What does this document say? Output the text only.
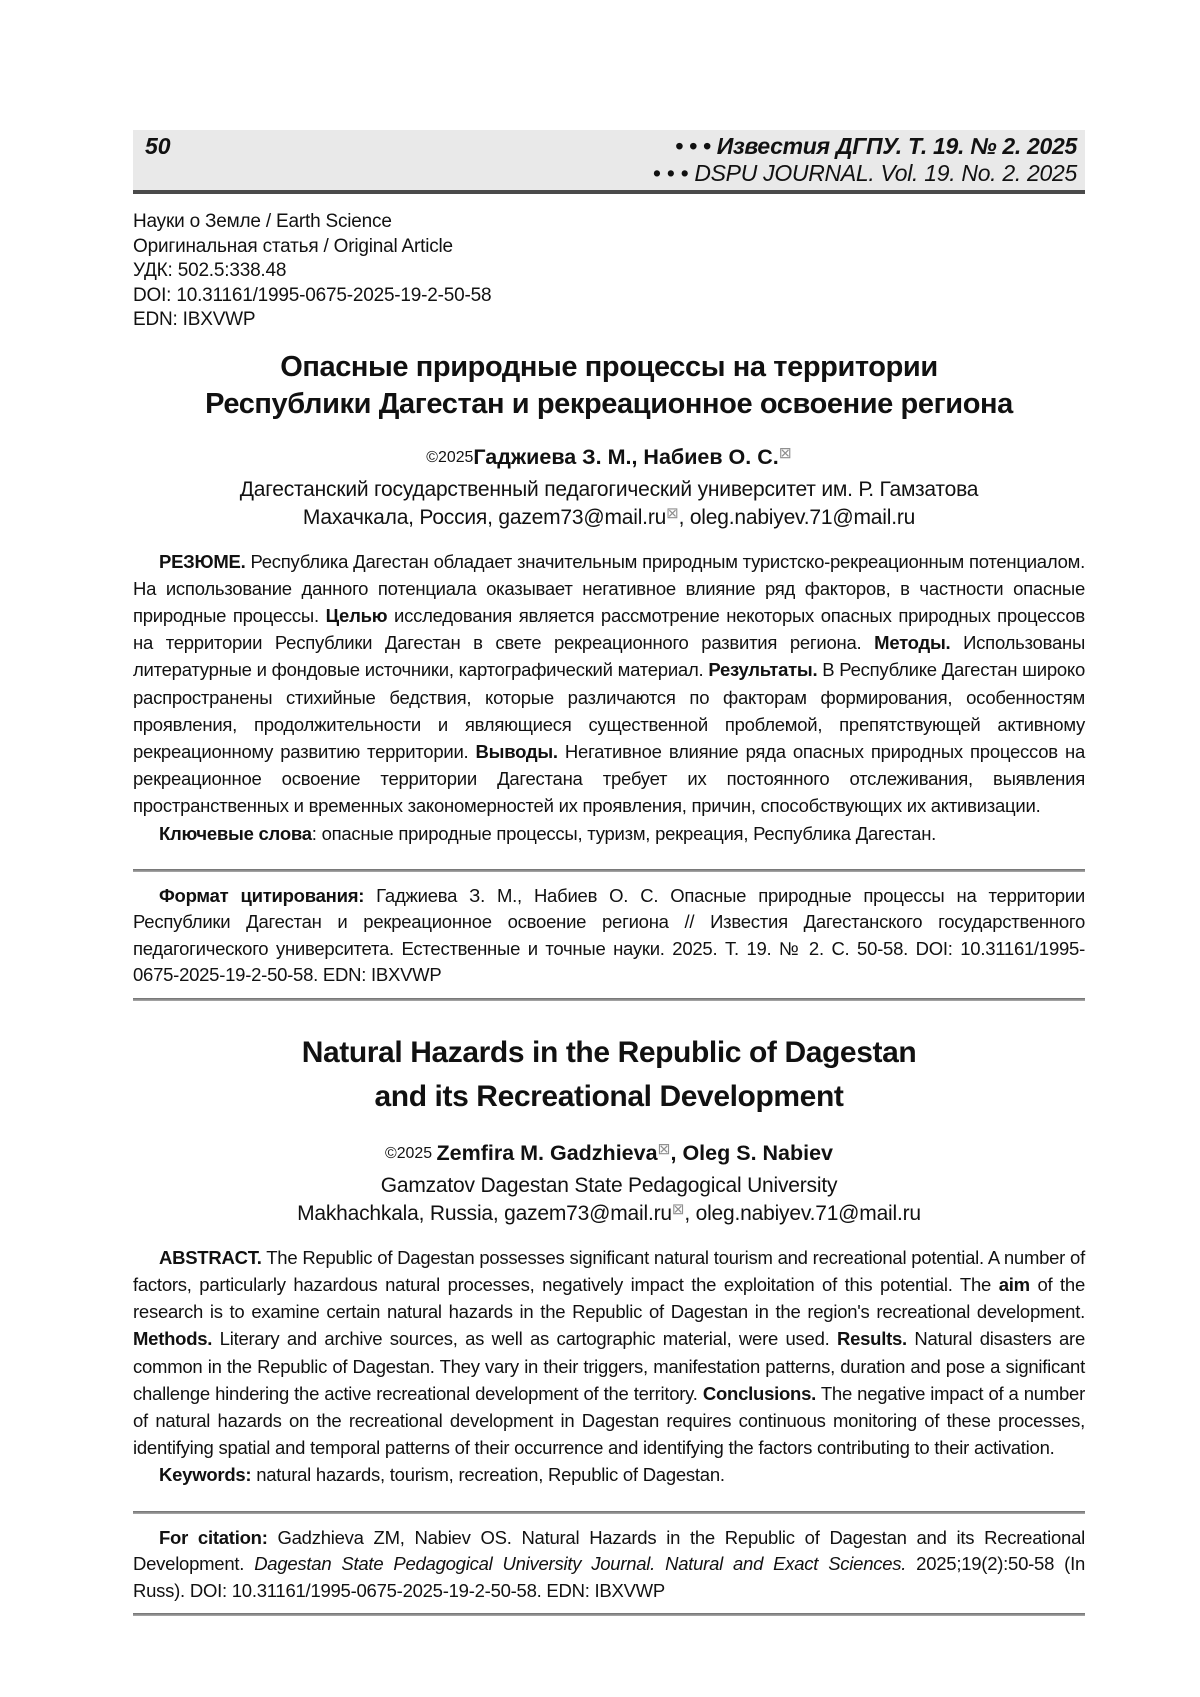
50	• • • Известия ДГПУ. Т. 19. № 2. 2025
• • • DSPU JOURNAL. Vol. 19. No. 2. 2025
Науки о Земле / Earth Science
Оригинальная статья / Original Article
УДК: 502.5:338.48
DOI: 10.31161/1995-0675-2025-19-2-50-58
EDN: IBXVWP
Опасные природные процессы на территории
Республики Дагестан и рекреационное освоение региона
©2025Гаджиева З. М., Набиев О. С.⊠
Дагестанский государственный педагогический университет им. Р. Гамзатова
Махачкала, Россия, gazem73@mail.ru⊠, oleg.nabiyev.71@mail.ru

РЕЗЮМЕ. Республика Дагестан обладает значительным природным туристско-рекреационным потенциалом. На использование данного потенциала оказывает негативное влияние ряд факторов, в частности опасные природные процессы. Целью исследования является рассмотрение некоторых опасных природных процессов на территории Республики Дагестан в свете рекреационного развития региона. Методы. Использованы литературные и фондовые источники, картографический материал. Результаты. В Республике Дагестан широко распространены стихийные бедствия, которые различаются по факторам формирования, особенностям проявления, продолжительности и являющиеся существенной проблемой, препятствующей активному рекреационному развитию территории. Выводы. Негативное влияние ряда опасных природных процессов на рекреационное освоение территории Дагестана требует их постоянного отслеживания, выявления пространственных и временных закономерностей их проявления, причин, способствующих их активизации.

Ключевые слова: опасные природные процессы, туризм, рекреация, Республика Дагестан.

Формат цитирования: Гаджиева З. М., Набиев О. С. Опасные природные процессы на территории Республики Дагестан и рекреационное освоение региона // Известия Дагестанского государственного педагогического университета. Естественные и точные науки. 2025. Т. 19. № 2. С. 50-58. DOI: 10.31161/1995-0675-2025-19-2-50-58. EDN: IBXVWP

Natural Hazards in the Republic of Dagestan
and its Recreational Development
©2025 Zemfira M. Gadzhieva⊠, Oleg S. Nabiev
Gamzatov Dagestan State Pedagogical University
Makhachkala, Russia, gazem73@mail.ru⊠, oleg.nabiyev.71@mail.ru

ABSTRACT. The Republic of Dagestan possesses significant natural tourism and recreational potential. A number of factors, particularly hazardous natural processes, negatively impact the exploitation of this potential. The aim of the research is to examine certain natural hazards in the Republic of Dagestan in the region's recreational development. Methods. Literary and archive sources, as well as cartographic material, were used. Results. Natural disasters are common in the Republic of Dagestan. They vary in their triggers, manifestation patterns, duration and pose a significant challenge hindering the active recreational development of the territory. Conclusions. The negative impact of a number of natural hazards on the recreational development in Dagestan requires continuous monitoring of these processes, identifying spatial and temporal patterns of their occurrence and identifying the factors contributing to their activation.

Keywords: natural hazards, tourism, recreation, Republic of Dagestan.

For citation: Gadzhieva ZM, Nabiev OS. Natural Hazards in the Republic of Dagestan and its Recreational Development. Dagestan State Pedagogical University Journal. Natural and Exact Sciences. 2025;19(2):50-58 (In Russ). DOI: 10.31161/1995-0675-2025-19-2-50-58. EDN: IBXVWP
